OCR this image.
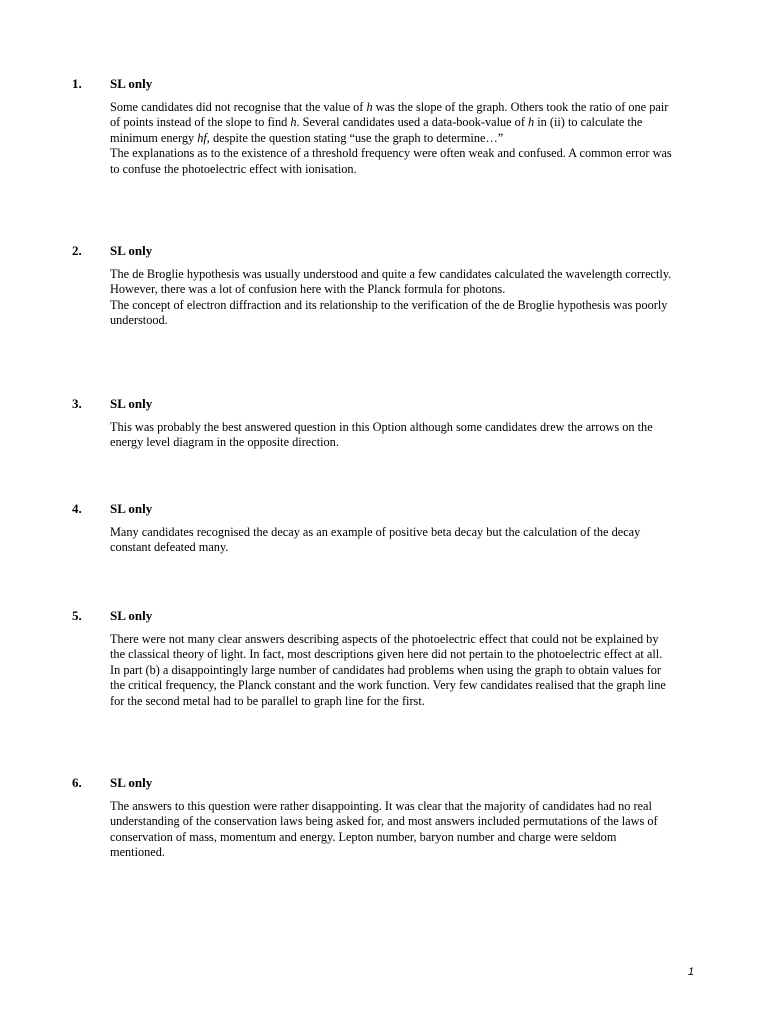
1.	SL only

Some candidates did not recognise that the value of h was the slope of the graph. Others took the ratio of one pair of points instead of the slope to find h. Several candidates used a data-book-value of h in (ii) to calculate the minimum energy hf, despite the question stating “use the graph to determine…”

The explanations as to the existence of a threshold frequency were often weak and confused. A common error was to confuse the photoelectric effect with ionisation.

2.	SL only

The de Broglie hypothesis was usually understood and quite a few candidates calculated the wavelength correctly. However, there was a lot of confusion here with the Planck formula for photons.

The concept of electron diffraction and its relationship to the verification of the de Broglie hypothesis was poorly understood.

3.	SL only

This was probably the best answered question in this Option although some candidates drew the arrows on the energy level diagram in the opposite direction.

4.	SL only

Many candidates recognised the decay as an example of positive beta decay but the calculation of the decay constant defeated many.

5.	SL only

There were not many clear answers describing aspects of the photoelectric effect that could not be explained by the classical theory of light. In fact, most descriptions given here did not pertain to the photoelectric effect at all. In part (b) a disappointingly large number of candidates had problems when using the graph to obtain values for the critical frequency, the Planck constant and the work function. Very few candidates realised that the graph line for the second metal had to be parallel to graph line for the first.

6.	SL only

The answers to this question were rather disappointing. It was clear that the majority of candidates had no real understanding of the conservation laws being asked for, and most answers included permutations of the laws of conservation of mass, momentum and energy. Lepton number, baryon number and charge were seldom mentioned.

1
